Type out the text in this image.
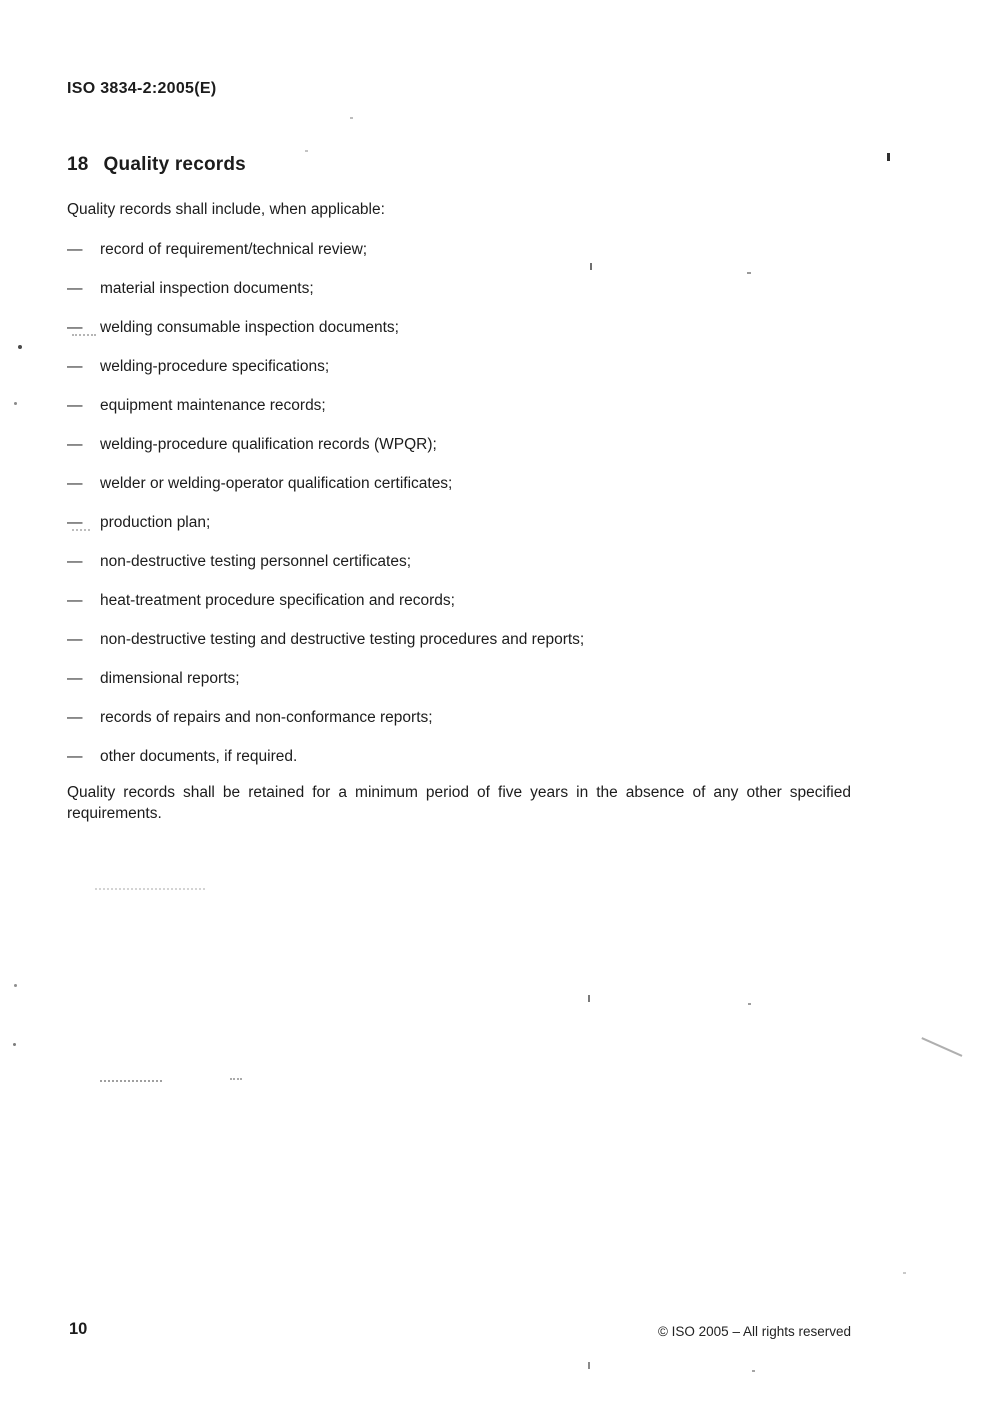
ISO 3834-2:2005(E)
18 Quality records
Quality records shall include, when applicable:
—	record of requirement/technical review;
—	material inspection documents;
—	welding consumable inspection documents;
—	welding-procedure specifications;
—	equipment maintenance records;
—	welding-procedure qualification records (WPQR);
—	welder or welding-operator qualification certificates;
—	production plan;
—	non-destructive testing personnel certificates;
—	heat-treatment procedure specification and records;
—	non-destructive testing and destructive testing procedures and reports;
—	dimensional reports;
—	records of repairs and non-conformance reports;
—	other documents, if required.
Quality records shall be retained for a minimum period of five years in the absence of any other specified requirements.
10	© ISO 2005 – All rights reserved
